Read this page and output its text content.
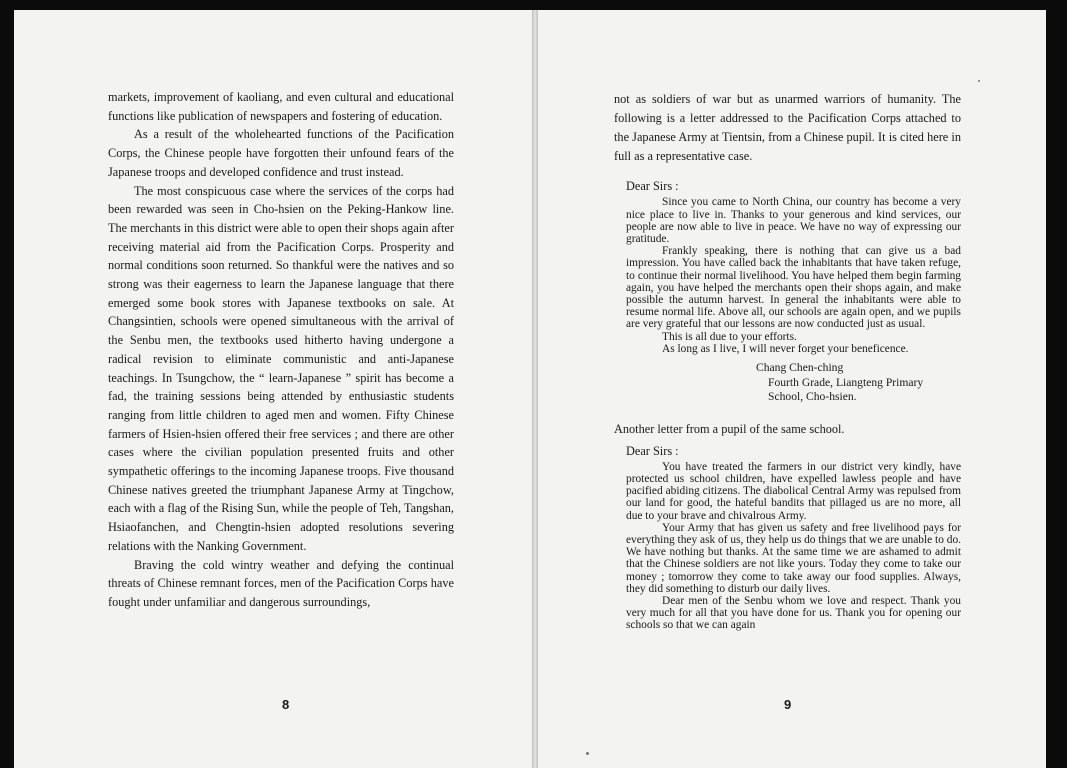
markets, improvement of kaoliang, and even cultural and educational functions like publication of newspapers and fostering of education.

As a result of the wholehearted functions of the Pacification Corps, the Chinese people have forgotten their unfound fears of the Japanese troops and developed confidence and trust instead.

The most conspicuous case where the services of the corps had been rewarded was seen in Cho-hsien on the Peking-Hankow line. The merchants in this district were able to open their shops again after receiving material aid from the Pacification Corps. Prosperity and normal conditions soon returned. So thankful were the natives and so strong was their eagerness to learn the Japanese language that there emerged some book stores with Japanese textbooks on sale. At Changsintien, schools were opened simultaneous with the arrival of the Senbu men, the textbooks used hitherto having undergone a radical revision to eliminate communistic and anti-Japanese teachings. In Tsungchow, the “ learn-Japanese ” spirit has become a fad, the training sessions being attended by enthusiastic students ranging from little children to aged men and women. Fifty Chinese farmers of Hsien-hsien offered their free services ; and there are other cases where the civilian population presented fruits and other sympathetic offerings to the incoming Japanese troops. Five thousand Chinese natives greeted the triumphant Japanese Army at Tingchow, each with a flag of the Rising Sun, while the people of Teh, Tangshan, Hsiaofanchen, and Chengtin-hsien adopted resolutions severing relations with the Nanking Government.

Braving the cold wintry weather and defying the continual threats of Chinese remnant forces, men of the Pacification Corps have fought under unfamiliar and dangerous surroundings,

8

not as soldiers of war but as unarmed warriors of humanity. The following is a letter addressed to the Pacification Corps attached to the Japanese Army at Tientsin, from a Chinese pupil. It is cited here in full as a representative case.

Dear Sirs :

Since you came to North China, our country has become a very nice place to live in. Thanks to your generous and kind services, our people are now able to live in peace. We have no way of expressing our gratitude.

Frankly speaking, there is nothing that can give us a bad impression. You have called back the inhabitants that have taken refuge, to continue their normal livelihood. You have helped them begin farming again, you have helped the merchants open their shops again, and make possible the autumn harvest. In general the inhabitants were able to resume normal life. Above all, our schools are again open, and we pupils are very grateful that our lessons are now conducted just as usual.

This is all due to your efforts.

As long as I live, I will never forget your beneficence.

Chang Chen-ching
Fourth Grade, Liangteng Primary
School, Cho-hsien.
Another letter from a pupil of the same school.
Dear Sirs :

You have treated the farmers in our district very kindly, have protected us school children, have expelled lawless people and have pacified abiding citizens. The diabolical Central Army was repulsed from our land for good, the hateful bandits that pillaged us are no more, all due to your brave and chivalrous Army.

Your Army that has given us safety and free livelihood pays for everything they ask of us, they help us do things that we are unable to do. We have nothing but thanks. At the same time we are ashamed to admit that the Chinese soldiers are not like yours. Today they come to take our money ; tomorrow they come to take away our food supplies. Always, they did something to disturb our daily lives.

Dear men of the Senbu whom we love and respect. Thank you very much for all that you have done for us. Thank you for opening our schools so that we can again

9
